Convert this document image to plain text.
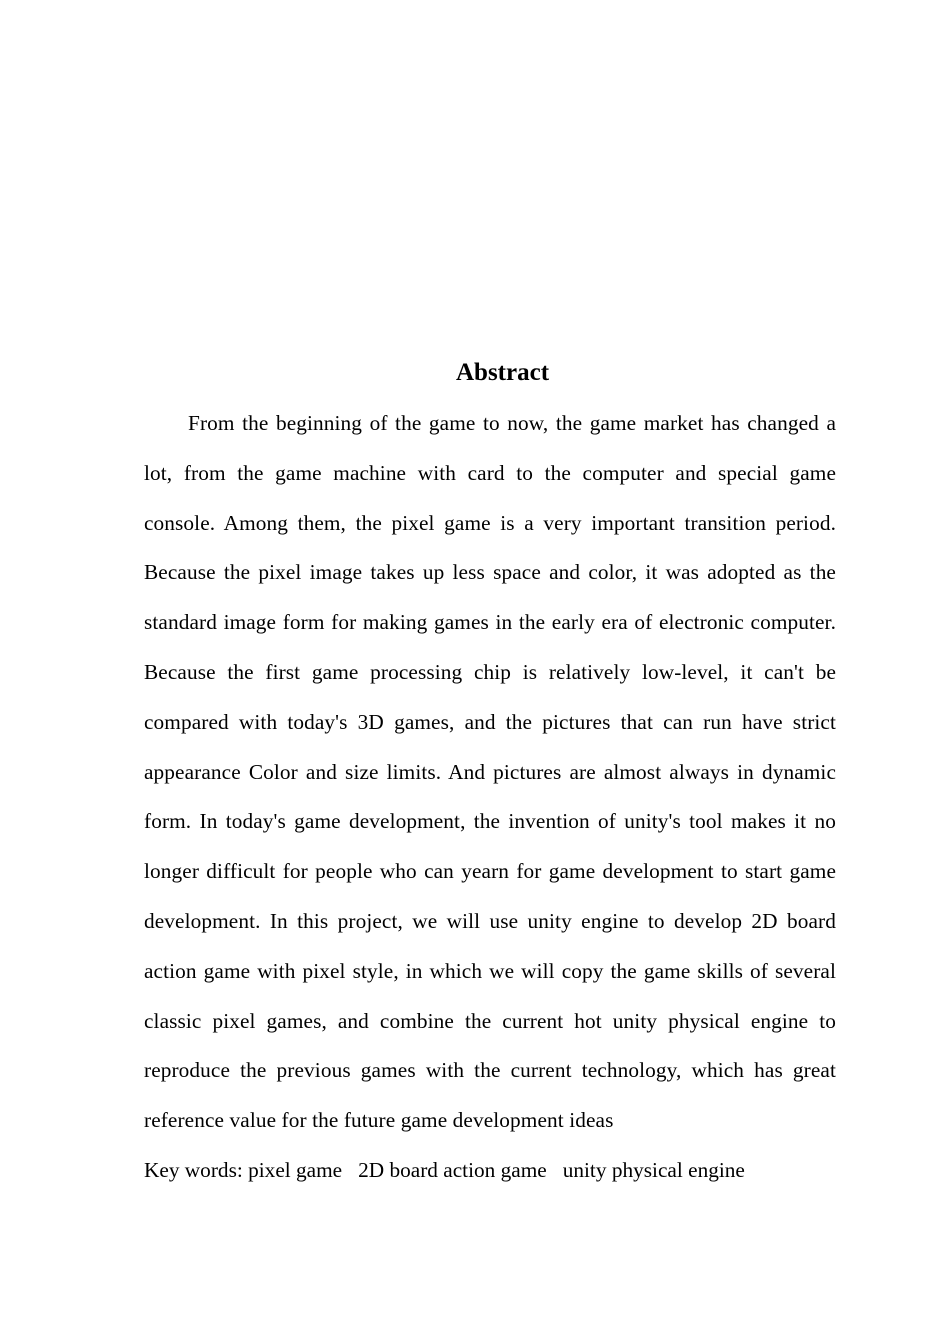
Abstract

From the beginning of the game to now, the game market has changed a lot, from the game machine with card to the computer and special game console. Among them, the pixel game is a very important transition period. Because the pixel image takes up less space and color, it was adopted as the standard image form for making games in the early era of electronic computer. Because the first game processing chip is relatively low-level, it can't be compared with today's 3D games, and the pictures that can run have strict appearance Color and size limits. And pictures are almost always in dynamic form. In today's game development, the invention of unity's tool makes it no longer difficult for people who can yearn for game development to start game development. In this project, we will use unity engine to develop 2D board action game with pixel style, in which we will copy the game skills of several classic pixel games, and combine the current hot unity physical engine to reproduce the previous games with the current technology, which has great reference value for the future game development ideas

Key words: pixel game   2D board action game   unity physical engine
